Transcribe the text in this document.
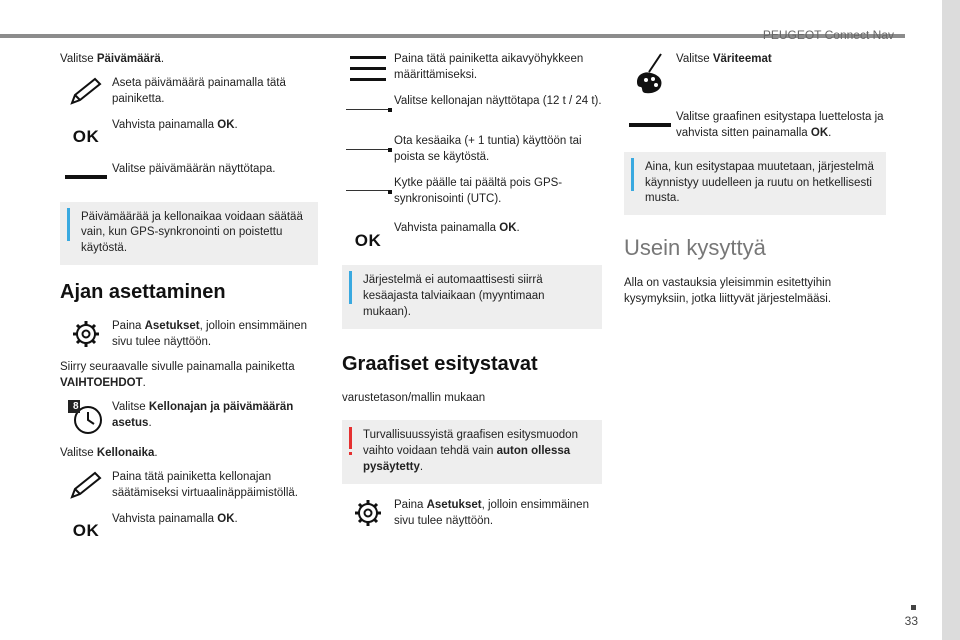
PEUGEOT Connect Nav
33

Valitse Päivämäärä.

Aseta päivämäärä painamalla tätä painiketta.
OK
Vahvista painamalla OK.
Valitse päivämäärän näyttötapa.
Päivämäärää ja kellonaikaa voidaan säätää vain, kun GPS-synkronointi on poistettu käytöstä.
Ajan asettaminen
Paina Asetukset, jolloin ensimmäinen sivu tulee näyttöön.

Siirry seuraavalle sivulle painamalla painiketta VAIHTOEHDOT.

8	Valitse Kellonajan ja päivämäärän asetus.

Valitse Kellonaika.

Paina tätä painiketta kellonajan säätämiseksi virtuaalinäppäimistöllä.
OK
Vahvista painamalla OK.
Paina tätä painiketta aikavyöhykkeen määrittämiseksi.
Valitse kellonajan näyttötapa (12 t / 24 t).
Ota kesäaika (+ 1 tuntia) käyttöön tai poista se käytöstä.
Kytke päälle tai päältä pois GPS-synkronisointi (UTC).
OK
Vahvista painamalla OK.
Järjestelmä ei automaattisesti siirrä kesäajasta talviaikaan (myyntimaan mukaan).
Graafiset esitystavat

varustetason/mallin mukaan

Turvallisuussyistä graafisen esitysmuodon vaihto voidaan tehdä vain auton ollessa pysäytetty.
Paina Asetukset, jolloin ensimmäinen sivu tulee näyttöön.
Valitse Väriteemat
Valitse graafinen esitystapa luettelosta ja vahvista sitten painamalla OK.
Aina, kun esitystapaa muutetaan, järjestelmä käynnistyy uudelleen ja ruutu on hetkellisesti musta.
Usein kysyttyä

Alla on vastauksia yleisimmin esitettyihin kysymyksiin, jotka liittyvät järjestelmääsi.
